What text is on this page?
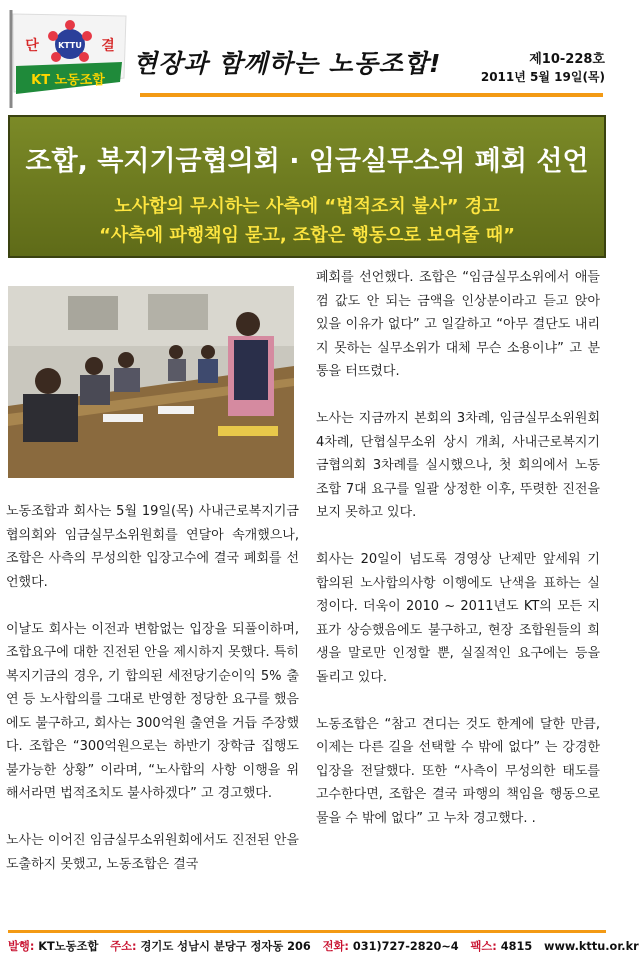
KTTU
단	결
KT 노동조합
현장과 함께하는 노동조합!	제10-228호
2011년 5월 19일(목)
조합, 복지기금협의회 · 임금실무소위 폐회 선언
노사합의 무시하는 사측에 “법적조치 불사” 경고
“사측에 파행책임 묻고, 조합은 행동으로 보여줄 때”

노동조합과 회사는 5월 19일(목) 사내근로복지기금협의회와 임금실무소위원회를 연달아 속개했으나, 조합은 사측의 무성의한 입장고수에 결국 폐회를 선언했다.

이날도 회사는 이전과 변함없는 입장을 되풀이하며, 조합요구에 대한 진전된 안을 제시하지 못했다. 특히 복지기금의 경우, 기 합의된 세전당기순이익 5% 출연 등 노사합의를 그대로 반영한 정당한 요구를 했음에도 불구하고, 회사는 300억원 출연을 거듭 주장했다. 조합은 “300억원으로는 하반기 장학금 집행도 불가능한 상황” 이라며, “노사합의 사항 이행을 위해서라면 법적조치도 불사하겠다” 고 경고했다.

노사는 이어진 임금실무소위원회에서도 진전된 안을 도출하지 못했고, 노동조합은 결국

폐회를 선언했다. 조합은 “임금실무소위에서 애들 껌 값도 안 되는 금액을 인상분이라고 듣고 앉아 있을 이유가 없다” 고 일갈하고 “아무 결단도 내리지 못하는 실무소위가 대체 무슨 소용이냐” 고 분통을 터뜨렸다.

노사는 지금까지 본회의 3차례, 임금실무소위원회 4차례, 단협실무소위 상시 개최, 사내근로복지기금협의회 3차례를 실시했으나, 첫 회의에서 노동조합 7대 요구를 일괄 상정한 이후, 뚜렷한 진전을 보지 못하고 있다.

회사는 20일이 넘도록 경영상 난제만 앞세워 기 합의된 노사합의사항 이행에도 난색을 표하는 실정이다. 더욱이 2010 ~ 2011년도 KT의 모든 지표가 상승했음에도 불구하고, 현장 조합원들의 희생을 말로만 인정할 뿐, 실질적인 요구에는 등을 돌리고 있다.

노동조합은 “참고 견디는 것도 한계에 달한 만큼, 이제는 다른 길을 선택할 수 밖에 없다” 는 강경한 입장을 전달했다. 또한 “사측이 무성의한 태도를 고수한다면, 조합은 결국 파행의 책임을 행동으로 물을 수 밖에 없다” 고 누차 경고했다. .

발행: KT노동조합 주소: 경기도 성남시 분당구 정자동 206 전화: 031)727-2820~4 팩스: 4815 www.kttu.or.kr
